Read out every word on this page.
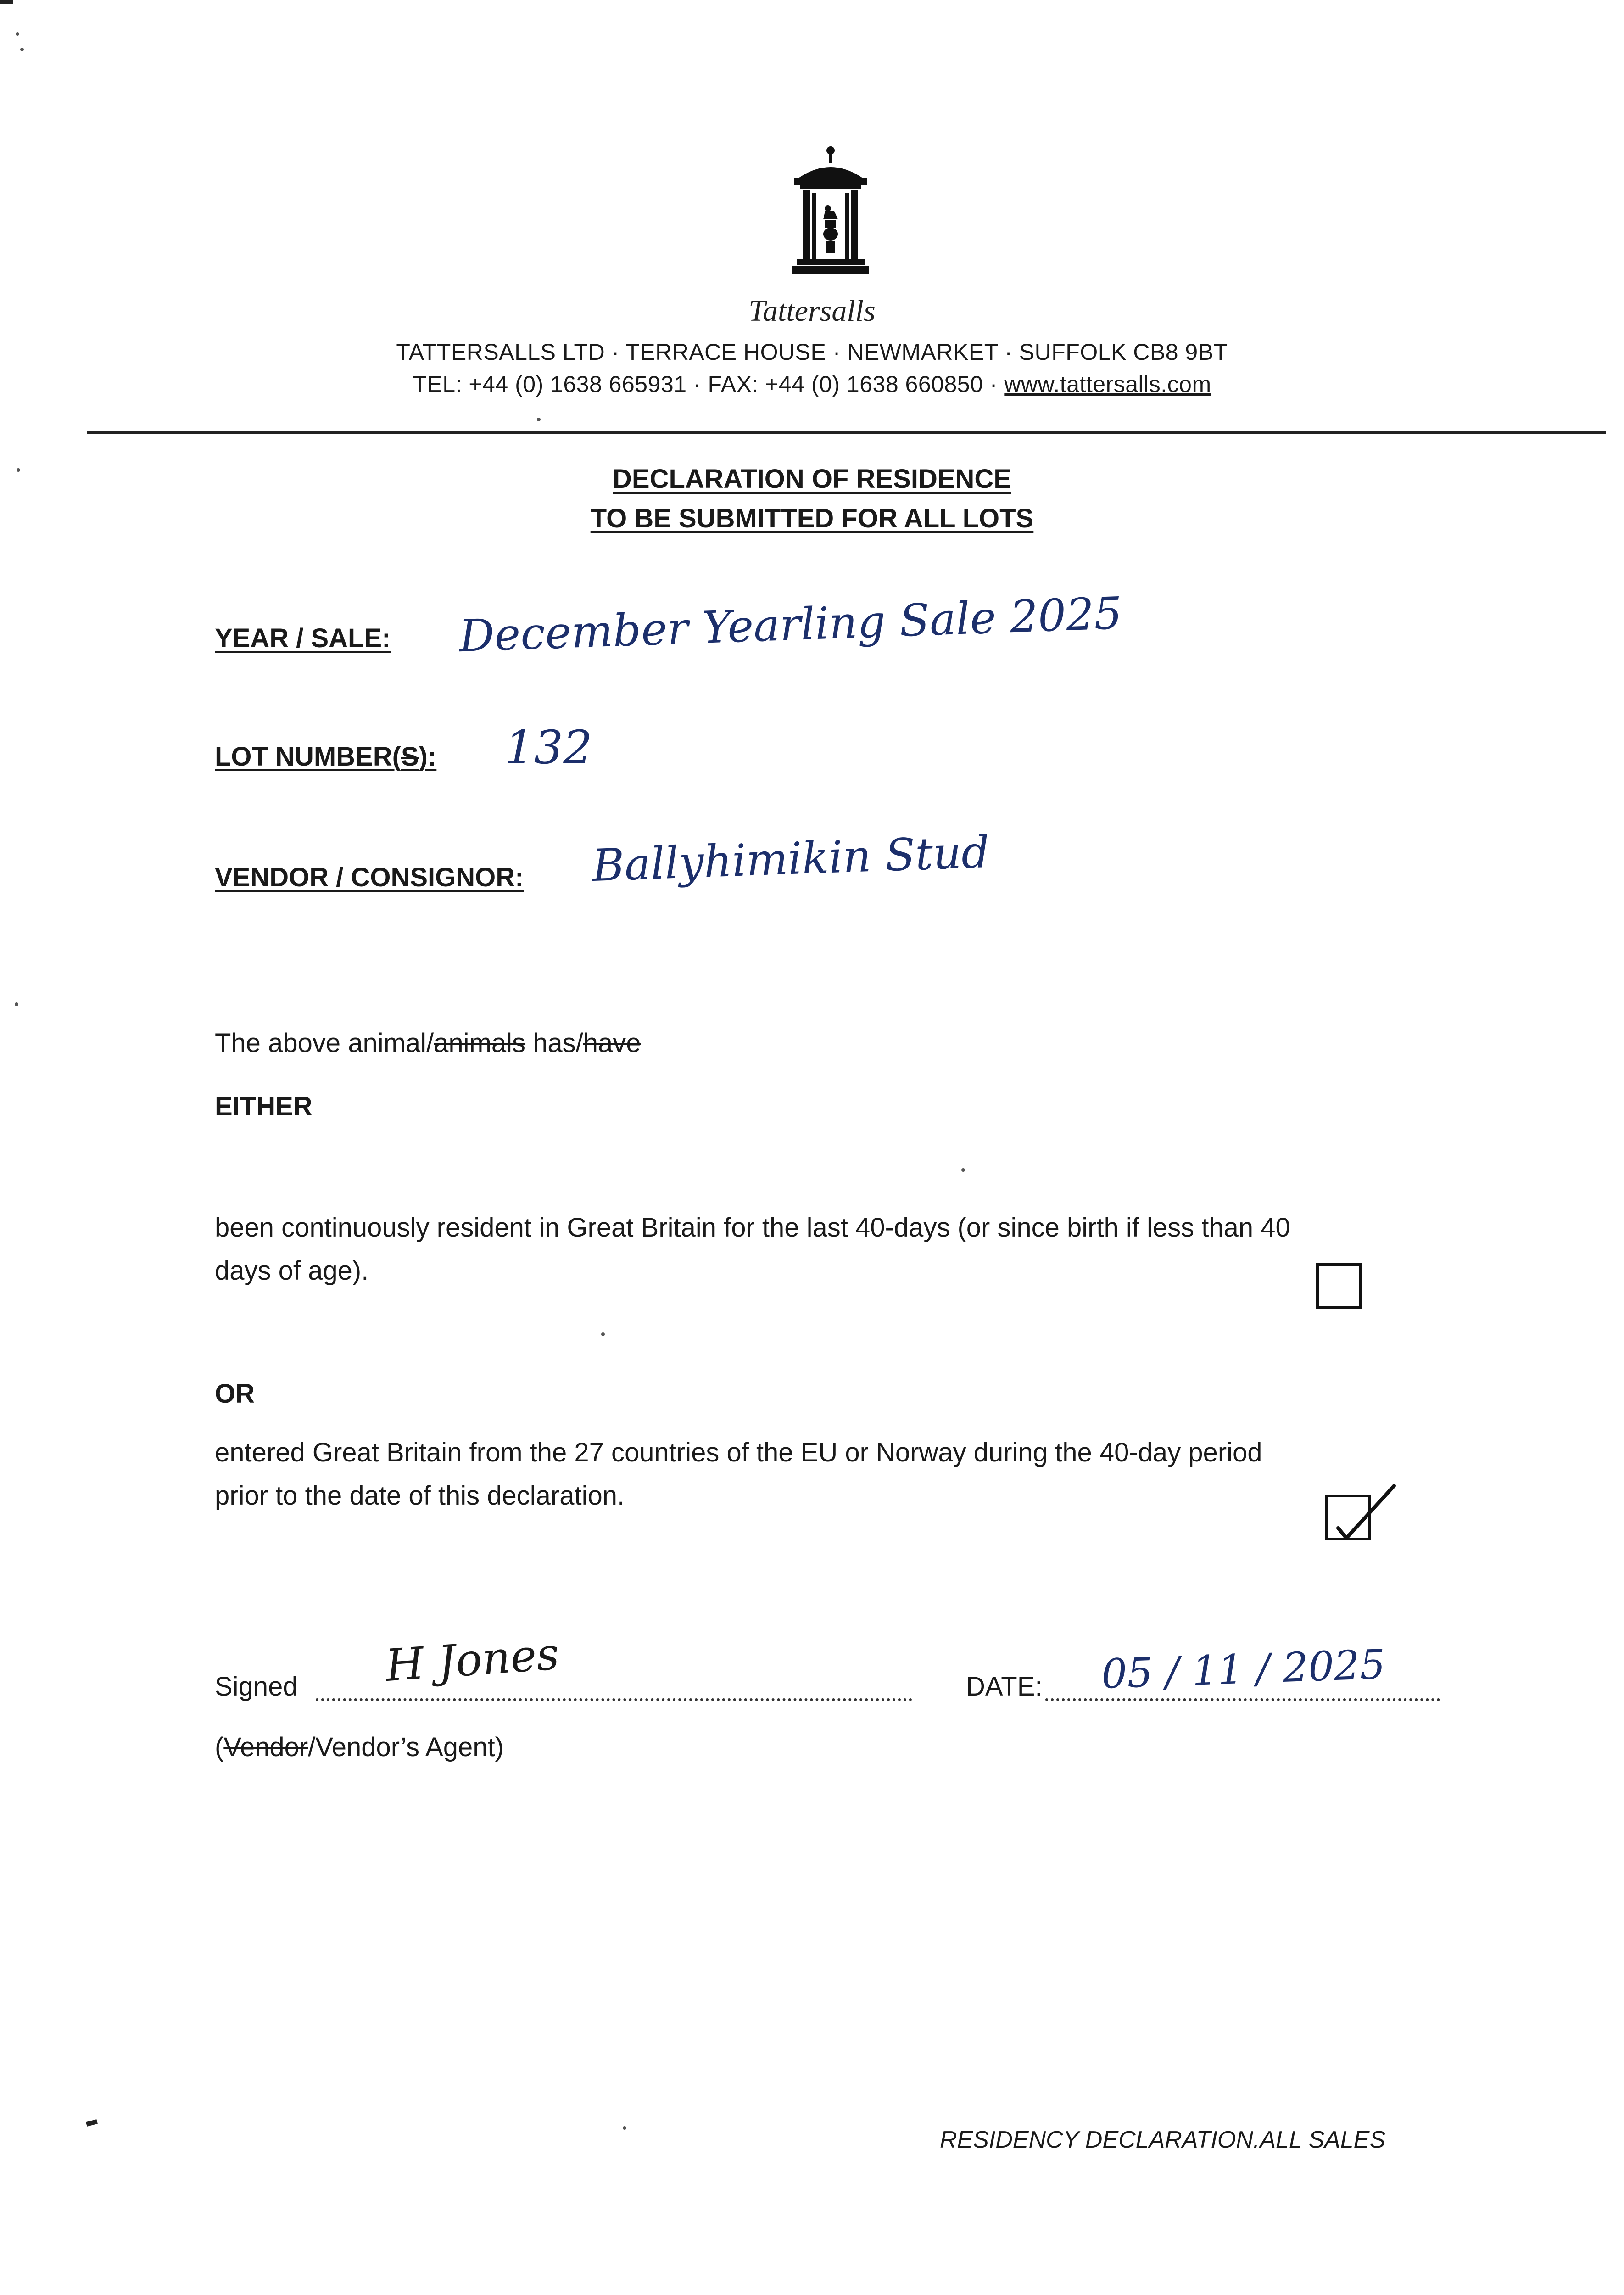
Tattersalls
TATTERSALLS LTD · TERRACE HOUSE · NEWMARKET · SUFFOLK CB8 9BT
TEL: +44 (0) 1638 665931 · FAX: +44 (0) 1638 660850 · www.tattersalls.com
DECLARATION OF RESIDENCE
TO BE SUBMITTED FOR ALL LOTS
YEAR / SALE: December Yearling Sale 2025
LOT NUMBER(S): 132
VENDOR / CONSIGNOR: Ballyhimikin Stud
The above animal/animals has/have
EITHER
been continuously resident in Great Britain for the last 40-days (or since birth if less than 40
days of age).
OR
entered Great Britain from the 27 countries of the EU or Norway during the 40-day period
prior to the date of this declaration.
Signed H Jones	DATE: 05 / 11 / 2025
(Vendor/Vendor’s Agent)
RESIDENCY DECLARATION.ALL SALES
